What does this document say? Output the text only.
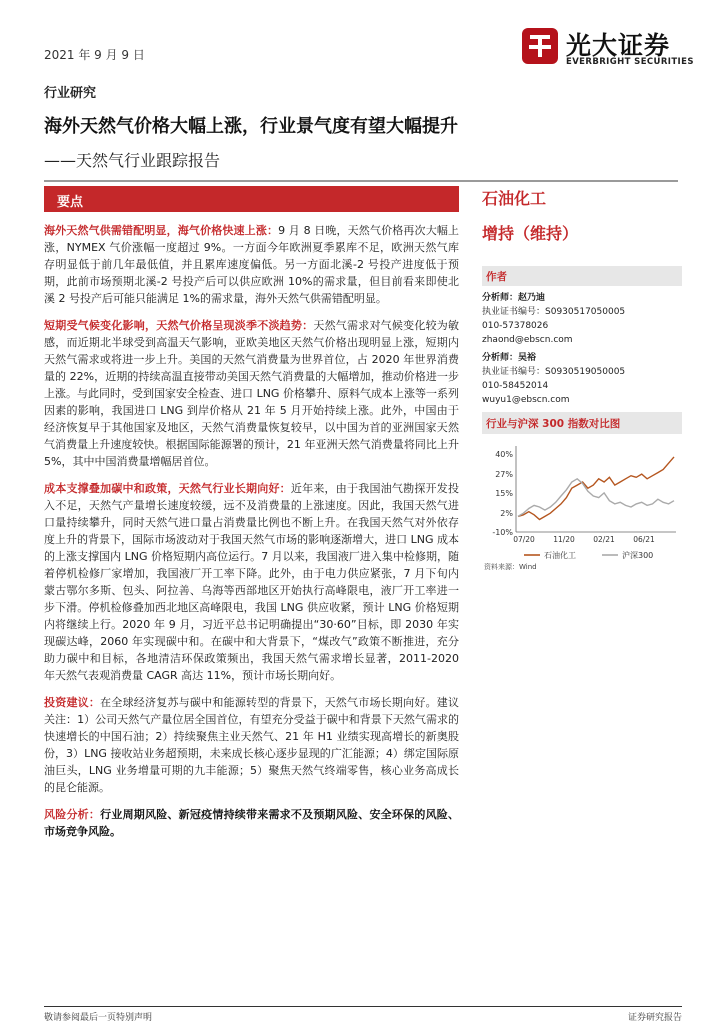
2021 年 9 月 9 日	光大证券
EVERBRIGHT SECURITIES
行业研究
海外天然气价格大幅上涨，行业景气度有望大幅提升
——天然气行业跟踪报告
要点

海外天然气供需错配明显，海气价格快速上涨：9 月 8 日晚，天然气价格再次大幅上涨，NYMEX 气价涨幅一度超过 9%。一方面今年欧洲夏季累库不足，欧洲天然气库存明显低于前几年最低值，并且累库速度偏低。另一方面北溪-2 号投产进度低于预期，此前市场预期北溪-2 号投产后可以供应欧洲 10%的需求量，但目前看来即使北溪 2 号投产后可能只能满足 1%的需求量，海外天然气供需错配明显。

短期受气候变化影响，天然气价格呈现淡季不淡趋势：天然气需求对气候变化较为敏感，而近期北半球受到高温天气影响，亚欧美地区天然气价格出现明显上涨，短期内天然气需求或将进一步上升。美国的天然气消费量为世界首位，占 2020 年世界消费量的 22%，近期的持续高温直接带动美国天然气消费量的大幅增加，推动价格进一步上涨。与此同时，受到国家安全检查、进口 LNG 价格攀升、原料气成本上涨等一系列因素的影响，我国进口 LNG 到岸价格从 21 年 5 月开始持续上涨。此外，中国由于经济恢复早于其他国家及地区，天然气消费量恢复较早，以中国为首的亚洲国家天然气消费量上升速度较快。根据国际能源署的预计，21 年亚洲天然气消费量将同比上升 5%，其中中国消费量增幅居首位。

成本支撑叠加碳中和政策，天然气行业长期向好：近年来，由于我国油气勘探开发投入不足，天然气产量增长速度较缓，远不及消费量的上涨速度。因此，我国天然气进口量持续攀升，同时天然气进口量占消费量比例也不断上升。在我国天然气对外依存度上升的背景下，国际市场波动对于我国天然气市场的影响逐渐增大，进口 LNG 成本的上涨支撑国内 LNG 价格短期内高位运行。7 月以来，我国液厂进入集中检修期，随着停机检修厂家增加，我国液厂开工率下降。此外，由于电力供应紧张，7 月下旬内蒙古鄂尔多斯、包头、阿拉善、乌海等西部地区开始执行高峰限电，液厂开工率进一步下滑。停机检修叠加西北地区高峰限电，我国 LNG 供应收紧，预计 LNG 价格短期内将继续上行。2020 年 9 月，习近平总书记明确提出“30·60”目标，即 2030 年实现碳达峰，2060 年实现碳中和。在碳中和大背景下，“煤改气”政策不断推进，充分助力碳中和目标，各地清洁环保政策频出，我国天然气需求增长显著，2011-2020 年天然气表观消费量 CAGR 高达 11%，预计市场长期向好。

投资建议：在全球经济复苏与碳中和能源转型的背景下，天然气市场长期向好。建议关注：1）公司天然气产量位居全国首位，有望充分受益于碳中和背景下天然气需求的快速增长的中国石油；2）持续聚焦主业天然气、21 年 H1 业绩实现高增长的新奥股份，3）LNG 接收站业务超预期，未来成长核心逐步显现的广汇能源；4）绑定国际原油巨头，LNG 业务增量可期的九丰能源；5）聚焦天然气终端零售，核心业务高成长的昆仑能源。

风险分析：行业周期风险、新冠疫情持续带来需求不及预期风险、安全环保的风险、市场竞争风险。

石油化工
增持（维持）
作者
分析师：赵乃迪
执业证书编号：S0930517050005
010-57378026
zhaond@ebscn.com
分析师：吴裕
执业证书编号：S0930519050005
010-58452014
wuyu1@ebscn.com
行业与沪深 300 指数对比图
-10%
2%
15%
27%
40%
07/20 11/20 02/21 06/21
石油化工	沪深300
资料来源：Wind
敬请参阅最后一页特别声明	证券研究报告
